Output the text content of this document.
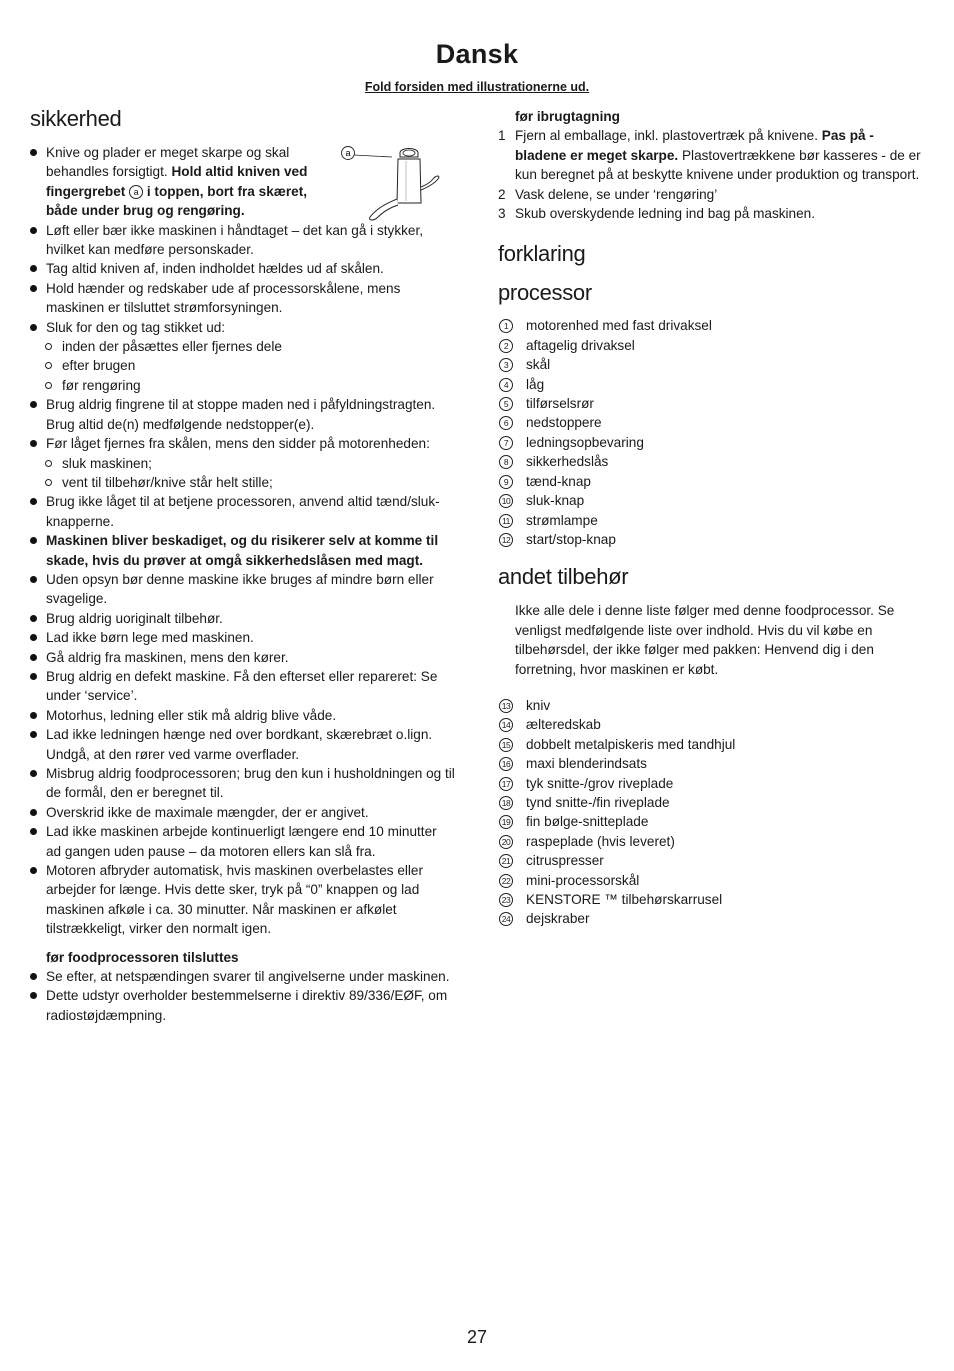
Dansk
Fold forsiden med illustrationerne ud.
sikkerhed
a
Knive og plader er meget skarpe og skal behandles forsigtigt. Hold altid kniven ved fingergrebet a i toppen, bort fra skæret, både under brug og rengøring.
Løft eller bær ikke maskinen i håndtaget – det kan gå i stykker, hvilket kan medføre personskader.
Tag altid kniven af, inden indholdet hældes ud af skålen.
Hold hænder og redskaber ude af processorskålene, mens maskinen er tilsluttet strømforsyningen.
Sluk for den og tag stikket ud:
inden der påsættes eller fjernes dele
efter brugen
før rengøring
Brug aldrig fingrene til at stoppe maden ned i påfyldningstragten. Brug altid de(n) medfølgende nedstopper(e).
Før låget fjernes fra skålen, mens den sidder på motorenheden:
sluk maskinen;
vent til tilbehør/knive står helt stille;
Brug ikke låget til at betjene processoren, anvend altid tænd/sluk-knapperne.
Maskinen bliver beskadiget, og du risikerer selv at komme til skade, hvis du prøver at omgå sikkerhedslåsen med magt.
Uden opsyn bør denne maskine ikke bruges af mindre børn eller svagelige.
Brug aldrig uoriginalt tilbehør.
Lad ikke børn lege med maskinen.
Gå aldrig fra maskinen, mens den kører.
Brug aldrig en defekt maskine. Få den efterset eller repareret: Se under ‘service’.
Motorhus, ledning eller stik må aldrig blive våde.
Lad ikke ledningen hænge ned over bordkant, skærebræt o.lign. Undgå, at den rører ved varme overflader.
Misbrug aldrig foodprocessoren; brug den kun i husholdningen og til de formål, den er beregnet til.
Overskrid ikke de maximale mængder, der er angivet.
Lad ikke maskinen arbejde kontinuerligt længere end 10 minutter ad gangen uden pause – da motoren ellers kan slå fra.
Motoren afbryder automatisk, hvis maskinen overbelastes eller arbejder for længe. Hvis dette sker, tryk på “0” knappen og lad maskinen afkøle i ca. 30 minutter. Når maskinen er afkølet tilstrækkeligt, virker den normalt igen.
før foodprocessoren tilsluttes
Se efter, at netspændingen svarer til angivelserne under maskinen.
Dette udstyr overholder bestemmelserne i direktiv 89/336/EØF, om radiostøjdæmpning.
før ibrugtagning
1 Fjern al emballage, inkl. plastovertræk på knivene. Pas på - bladene er meget skarpe. Plastovertrækkene bør kasseres - de er kun beregnet på at beskytte knivene under produktion og transport.
2 Vask delene, se under ‘rengøring’
3 Skub overskydende ledning ind bag på maskinen.
forklaring
processor
1	motorenhed med fast drivaksel
2	aftagelig drivaksel
3	skål
4	låg
5	tilførselsrør
6	nedstoppere
7	ledningsopbevaring
8	sikkerhedslås
9	tænd-knap
10 sluk-knap
11 strømlampe
12 start/stop-knap
andet tilbehør
Ikke alle dele i denne liste følger med denne foodprocessor. Se venligst medfølgende liste over indhold. Hvis du vil købe en tilbehørsdel, der ikke følger med pakken: Henvend dig i den forretning, hvor maskinen er købt.
13 kniv
14 ælteredskab
15 dobbelt metalpiskeris med tandhjul
16 maxi blenderindsats
17 tyk snitte-/grov riveplade
18 tynd snitte-/fin riveplade
19 fin bølge-snitteplade
20 raspeplade (hvis leveret)
21 citruspresser
22 mini-processorskål
23 KENSTORE ™ tilbehørskarrusel
24 dejskraber
27
